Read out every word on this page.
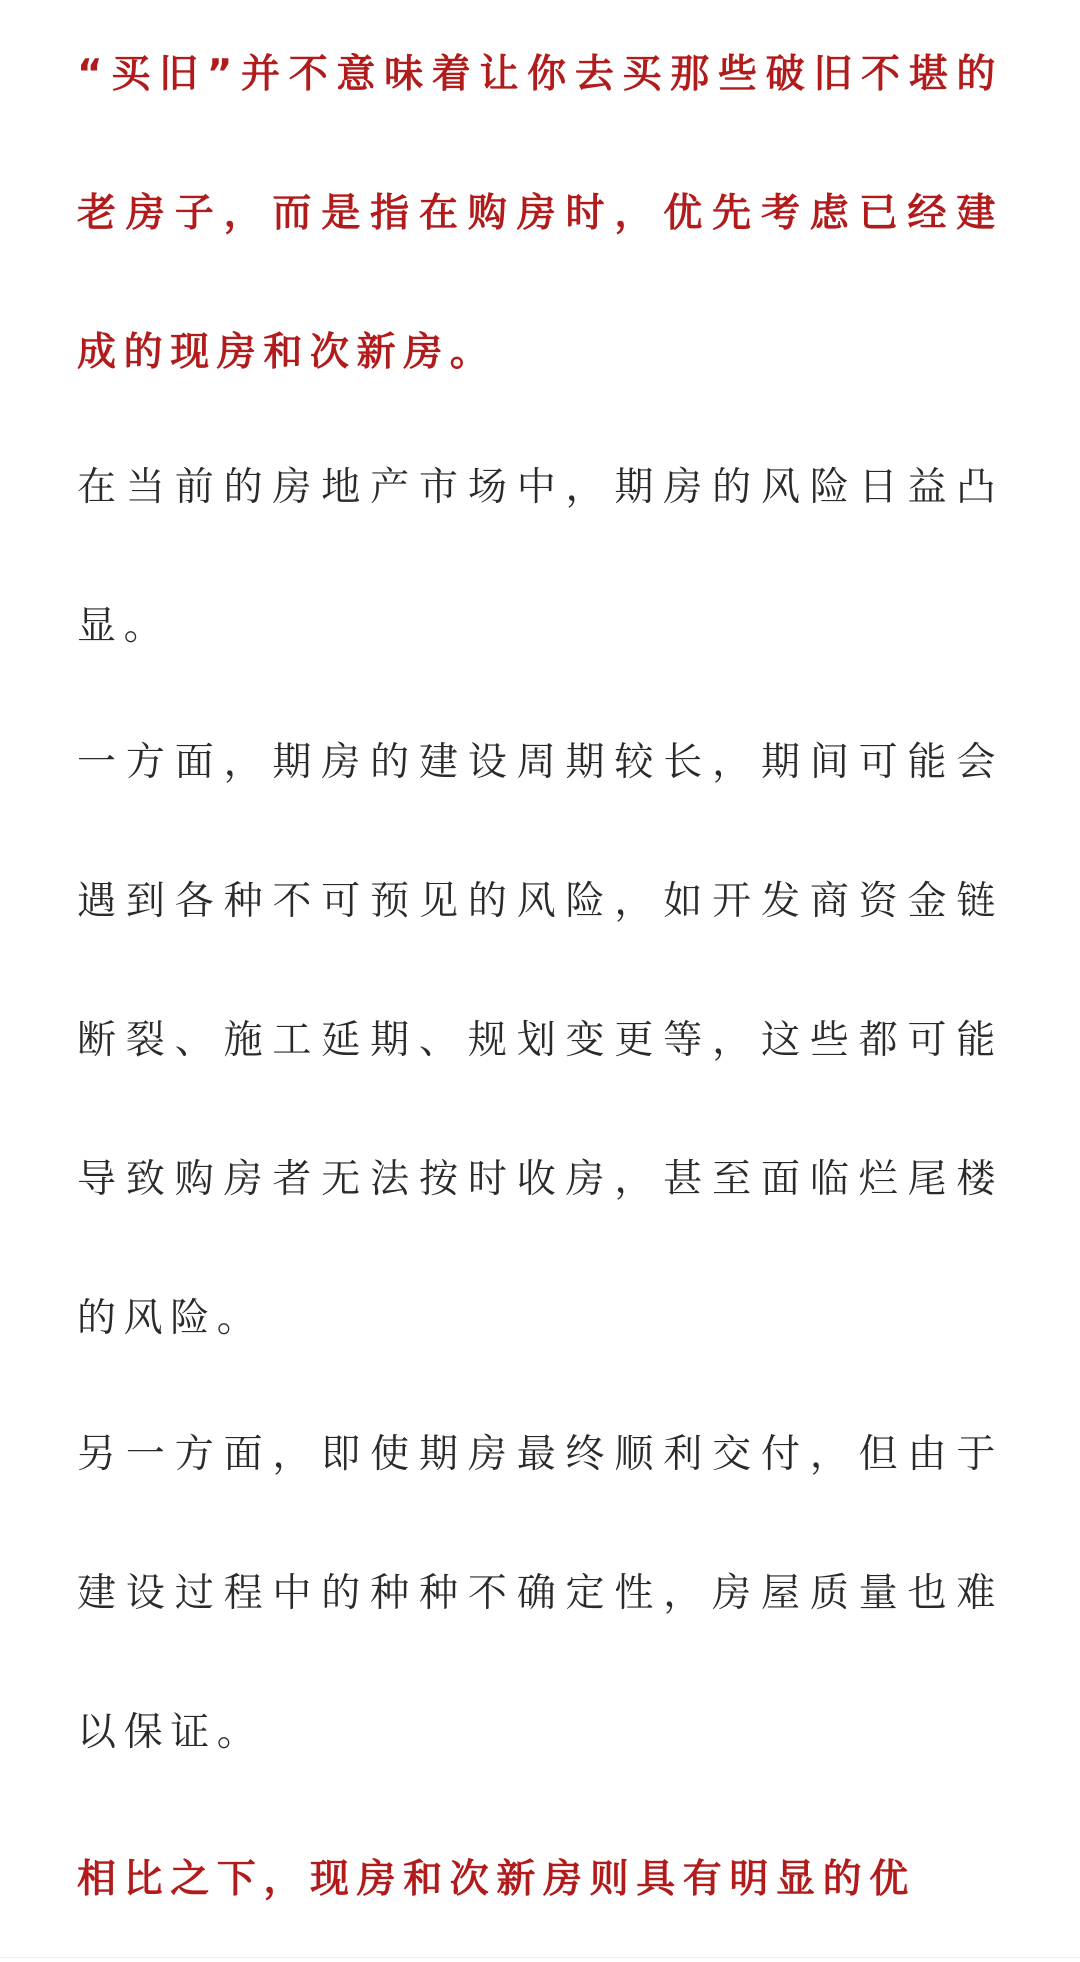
“买旧”并不意味着让你去买那些破旧不堪的老房子，而是指在购房时，优先考虑已经建成的现房和次新房。

在当前的房地产市场中，期房的风险日益凸显。

一方面，期房的建设周期较长，期间可能会遇到各种不可预见的风险，如开发商资金链断裂、施工延期、规划变更等，这些都可能导致购房者无法按时收房，甚至面临烂尾楼的风险。

另一方面，即使期房最终顺利交付，但由于建设过程中的种种不确定性，房屋质量也难以保证。

相比之下，现房和次新房则具有明显的优
